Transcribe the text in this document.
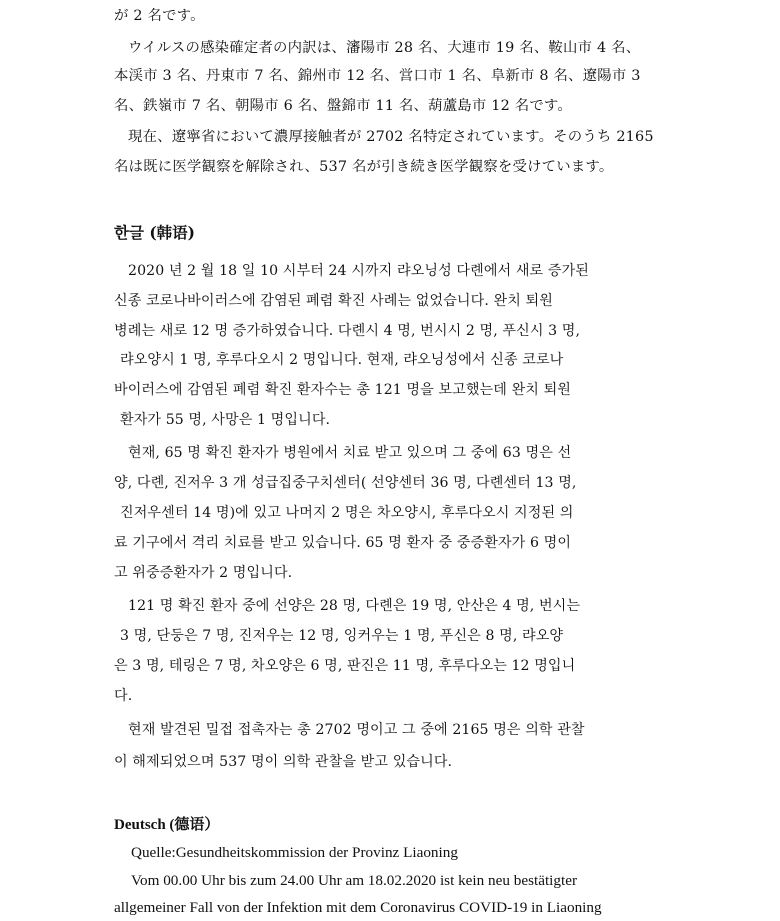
が 2 名です。
ウイルスの感染確定者の内訳は、瀋陽市 28 名、大連市 19 名、鞍山市 4 名、
本渓市 3 名、丹東市 7 名、錦州市 12 名、営口市 1 名、阜新市 8 名、遼陽市 3
名、鉄嶺市 7 名、朝陽市 6 名、盤錦市 11 名、葫蘆島市 12 名です。
現在、遼寧省において濃厚接触者が 2702 名特定されています。そのうち 2165
名は既に医学観察を解除され、537 名が引き続き医学観察を受けています。
한글 (韩语)
2020 년 2 월 18 일 10 시부터 24 시까지 랴오닝성 다롄에서 새로 증가된
신종 코로나바이러스에 감염된 폐렴 확진 사례는 없었습니다. 완치 퇴원
병례는 새로 12 명 증가하였습니다. 다롄시 4 명, 번시시 2 명, 푸신시 3 명,
랴오양시 1 명, 후루다오시 2 명입니다. 현재, 랴오닝성에서 신종 코로나
바이러스에 감염된 폐렴 확진 환자수는 총 121 명을 보고했는데 완치 퇴원
환자가 55 명, 사망은 1 명입니다.
현재, 65 명 확진 환자가 병원에서 치료 받고 있으며 그 중에 63 명은 선
양, 다롄, 진저우 3 개 성급집중구치센터( 선양센터 36 명, 다롄센터 13 명,
진저우센터 14 명)에 있고 나머지 2 명은 차오양시, 후루다오시 지정된 의
료 기구에서 격리 치료를 받고 있습니다. 65 명 환자 중 중증환자가 6 명이
고 위중증환자가 2 명입니다.
121 명 확진 환자 중에 선양은 28 명, 다롄은 19 명, 안산은 4 명, 번시는
3 명, 단둥은 7 명, 진저우는 12 명, 잉커우는 1 명, 푸신은 8 명, 랴오양
은 3 명, 테링은 7 명, 차오양은 6 명, 판진은 11 명, 후루다오는 12 명입니
다.
현재 발견된 밀접 접촉자는 총 2702 명이고 그 중에 2165 명은 의학 관찰
이 해제되었으며 537 명이 의학 관찰을 받고 있습니다.
Deutsch (德语）
Quelle:Gesundheitskommission der Provinz Liaoning
Vom 00.00 Uhr bis zum 24.00 Uhr am 18.02.2020 ist kein neu bestätigter
allgemeiner Fall von der Infektion mit dem Coronavirus COVID-19 in Liaoning
